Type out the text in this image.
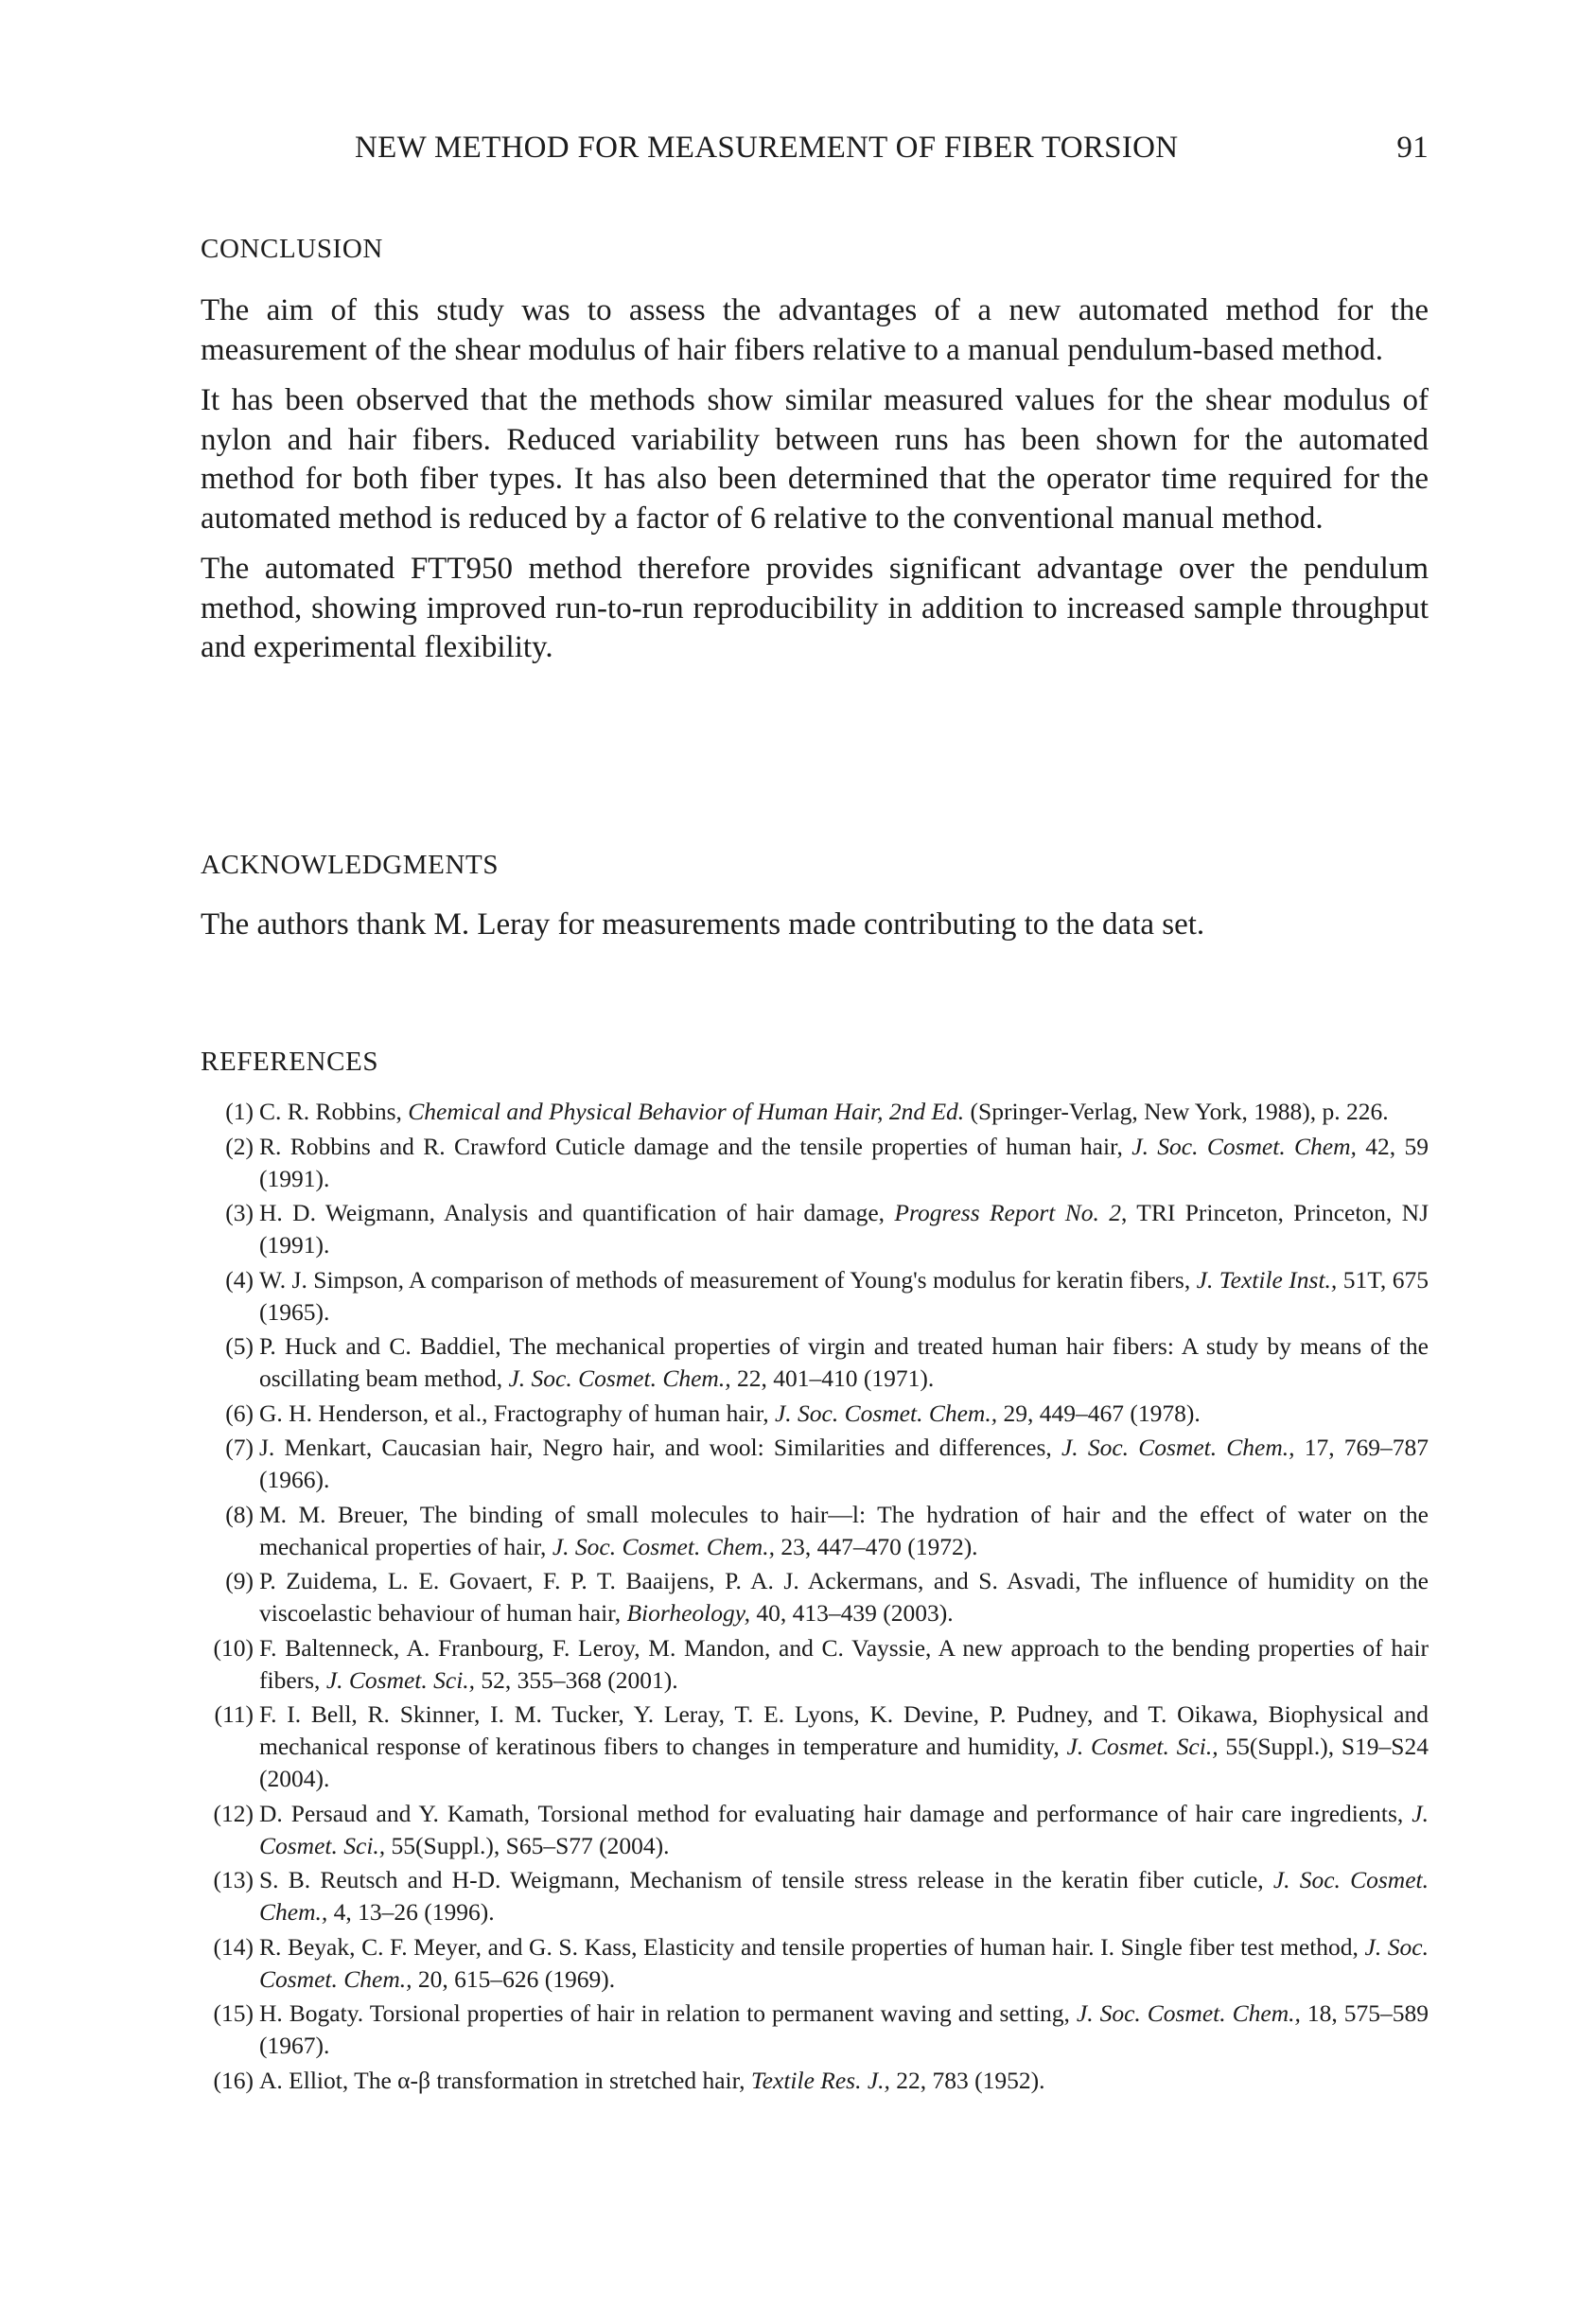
NEW METHOD FOR MEASUREMENT OF FIBER TORSION	91
CONCLUSION

The aim of this study was to assess the advantages of a new automated method for the measurement of the shear modulus of hair fibers relative to a manual pendulum-based method.

It has been observed that the methods show similar measured values for the shear modulus of nylon and hair fibers. Reduced variability between runs has been shown for the automated method for both fiber types. It has also been determined that the operator time required for the automated method is reduced by a factor of 6 relative to the conventional manual method.

The automated FTT950 method therefore provides significant advantage over the pendulum method, showing improved run-to-run reproducibility in addition to increased sample throughput and experimental flexibility.

ACKNOWLEDGMENTS

The authors thank M. Leray for measurements made contributing to the data set.

REFERENCES
(1) C. R. Robbins, Chemical and Physical Behavior of Human Hair, 2nd Ed. (Springer-Verlag, New York, 1988), p. 226.
(2) R. Robbins and R. Crawford Cuticle damage and the tensile properties of human hair, J. Soc. Cosmet. Chem, 42, 59 (1991).
(3) H. D. Weigmann, Analysis and quantification of hair damage, Progress Report No. 2, TRI Princeton, Princeton, NJ (1991).
(4) W. J. Simpson, A comparison of methods of measurement of Young's modulus for keratin fibers, J. Textile Inst., 51T, 675 (1965).
(5) P. Huck and C. Baddiel, The mechanical properties of virgin and treated human hair fibers: A study by means of the oscillating beam method, J. Soc. Cosmet. Chem., 22, 401–410 (1971).
(6) G. H. Henderson, et al., Fractography of human hair, J. Soc. Cosmet. Chem., 29, 449–467 (1978).
(7) J. Menkart, Caucasian hair, Negro hair, and wool: Similarities and differences, J. Soc. Cosmet. Chem., 17, 769–787 (1966).
(8) M. M. Breuer, The binding of small molecules to hair—l: The hydration of hair and the effect of water on the mechanical properties of hair, J. Soc. Cosmet. Chem., 23, 447–470 (1972).
(9) P. Zuidema, L. E. Govaert, F. P. T. Baaijens, P. A. J. Ackermans, and S. Asvadi, The influence of humidity on the viscoelastic behaviour of human hair, Biorheology, 40, 413–439 (2003).
(10) F. Baltenneck, A. Franbourg, F. Leroy, M. Mandon, and C. Vayssie, A new approach to the bending properties of hair fibers, J. Cosmet. Sci., 52, 355–368 (2001).
(11) F. I. Bell, R. Skinner, I. M. Tucker, Y. Leray, T. E. Lyons, K. Devine, P. Pudney, and T. Oikawa, Biophysical and mechanical response of keratinous fibers to changes in temperature and humidity, J. Cosmet. Sci., 55(Suppl.), S19–S24 (2004).
(12) D. Persaud and Y. Kamath, Torsional method for evaluating hair damage and performance of hair care ingredients, J. Cosmet. Sci., 55(Suppl.), S65–S77 (2004).
(13) S. B. Reutsch and H-D. Weigmann, Mechanism of tensile stress release in the keratin fiber cuticle, J. Soc. Cosmet. Chem., 4, 13–26 (1996).
(14) R. Beyak, C. F. Meyer, and G. S. Kass, Elasticity and tensile properties of human hair. I. Single fiber test method, J. Soc. Cosmet. Chem., 20, 615–626 (1969).
(15) H. Bogaty. Torsional properties of hair in relation to permanent waving and setting, J. Soc. Cosmet. Chem., 18, 575–589 (1967).
(16) A. Elliot, The α-β transformation in stretched hair, Textile Res. J., 22, 783 (1952).
